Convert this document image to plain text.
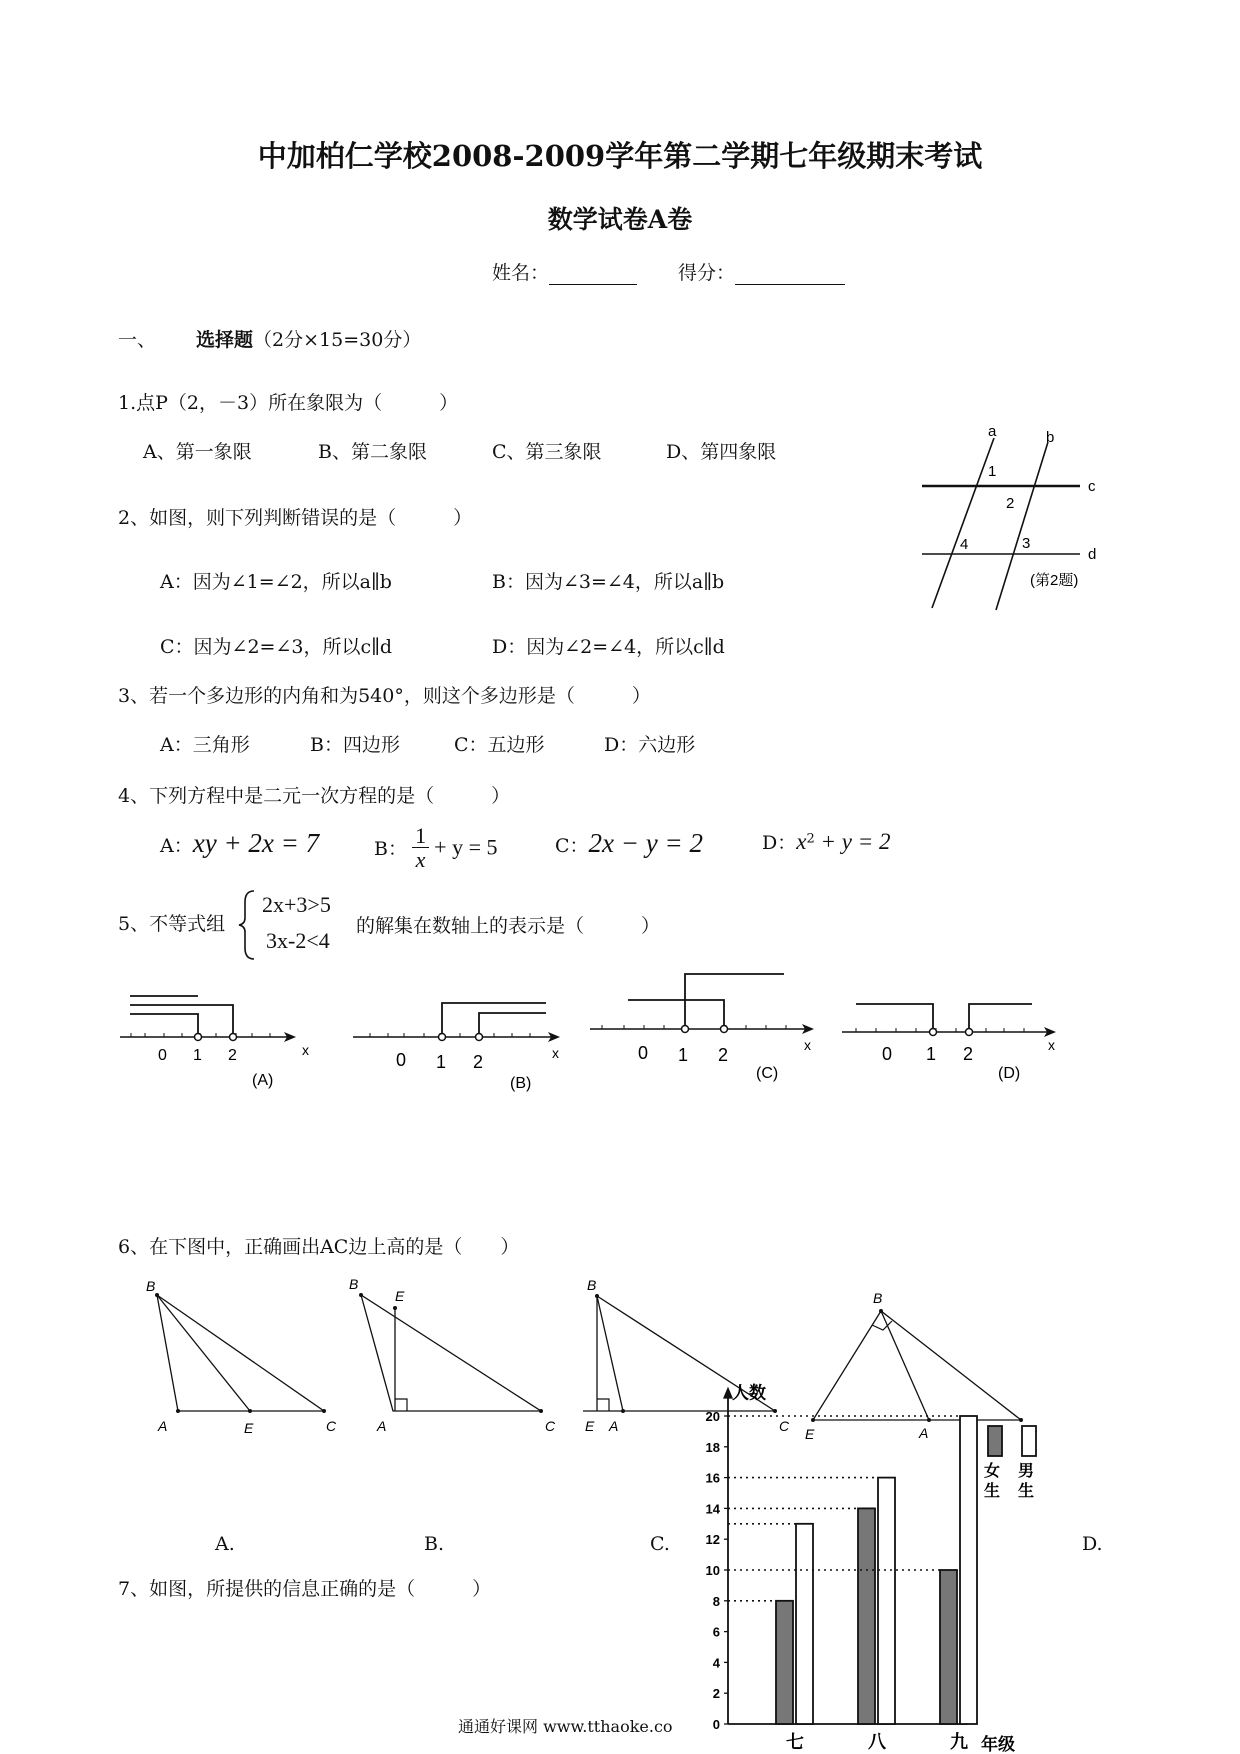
中加柏仁学校2008-2009学年第二学期七年级期末考试
数学试卷A卷
姓名：	得分：
一、 选择题（2分×15=30分）
1.点P（2，－3）所在象限为（　　　）
A、第一象限	B、第二象限	C、第三象限	D、第四象限
2、如图，则下列判断错误的是（　　　）
A：因为∠1=∠2，所以a∥b	B：因为∠3=∠4，所以a∥b
C：因为∠2=∠3，所以c∥d	D：因为∠2=∠4，所以c∥d
a	b
c
d
1
2
3
4
(第2题)
3、若一个多边形的内角和为540°，则这个多边形是（　　　）
A：三角形	B：四边形	C：五边形	D：六边形
4、下列方程中是二元一次方程的是（　　　）
A：xy + 2x = 7	B： $\frac{1}{x} + y = 5$	C：2x − y = 2	D：$x^2 + y = 2$
5、不等式组
2x+3>5
3x-2<4
的解集在数轴上的表示是（　　　）
0 1 2	x
(A)
0 1 2	x
(B)
0 1 2	x
(C)
0 1 2	x
(D)
6、在下图中，正确画出AC边上高的是（　　）
B
A	E	C
B
E
A	C
B
E A	C
B
E	A
A.	B.	C.	D.
7、如图，所提供的信息正确的是（　　　）
人数
0
2
4
6
8
10
12
14
16
18
20
七	八	九 年级
女
生
男
生
通通好课网 www.tthaoke.co
